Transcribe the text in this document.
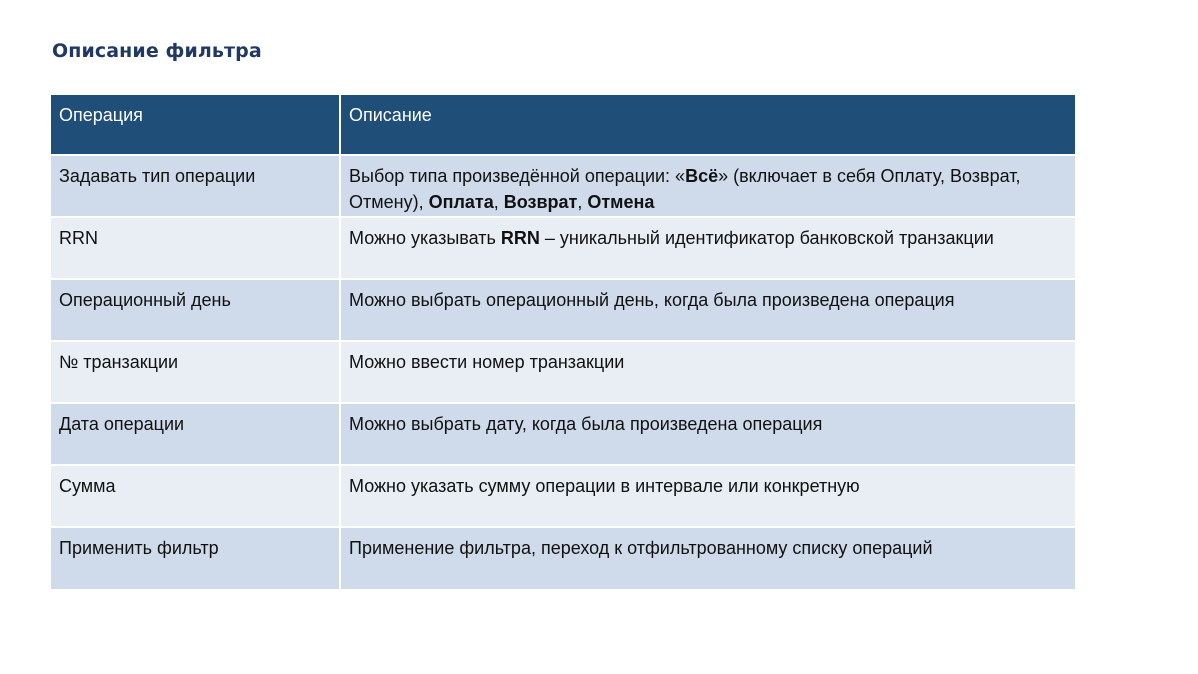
Описание фильтра
Операция	Описание

Задавать тип операции	Выбор типа произведённой операции: «Всё» (включает в себя Оплату, Возврат, Отмену), Оплата, Возврат, Отмена

RRN	Можно указывать RRN – уникальный идентификатор банковской транзакции

Операционный день	Можно выбрать операционный день, когда была произведена операция

№ транзакции	Можно ввести номер транзакции

Дата операции	Можно выбрать дату, когда была произведена операция

Сумма	Можно указать сумму операции в интервале или конкретную

Применить фильтр	Применение фильтра, переход к отфильтрованному списку операций
